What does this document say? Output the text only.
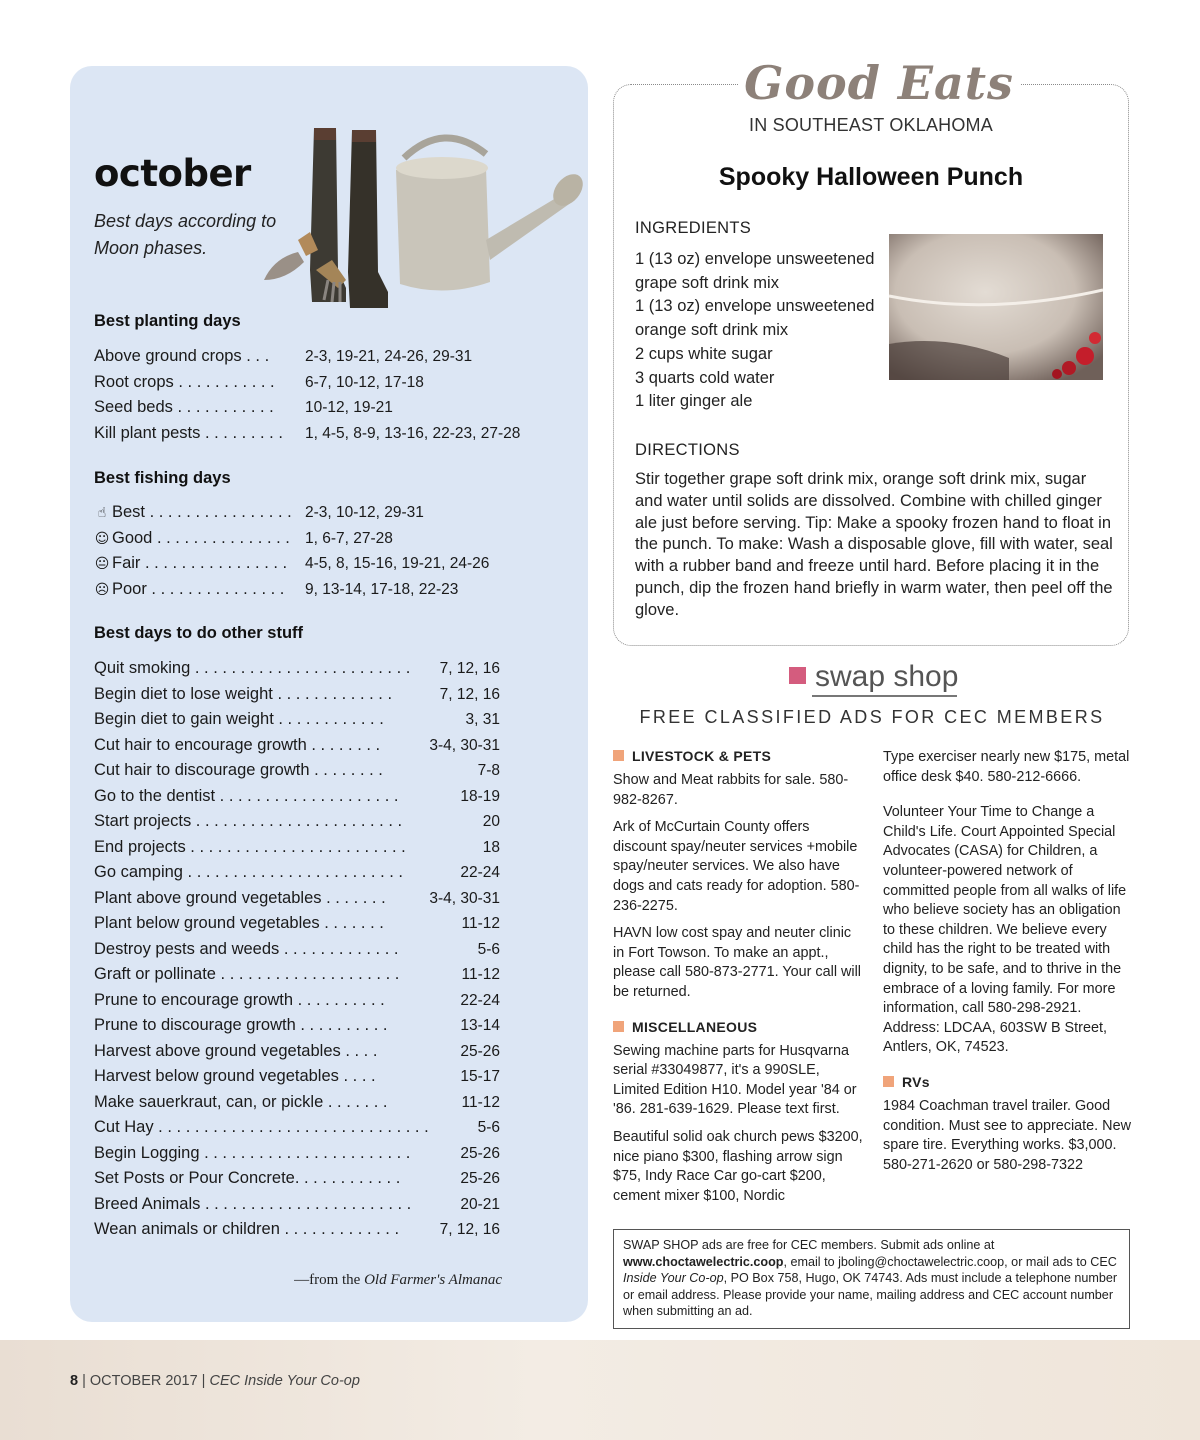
october
Best days according to Moon phases.
Best planting days
Above ground crops . . . 2-3, 19-21, 24-26, 29-31
Root crops . . . . . . . . . . . 6-7, 10-12, 17-18
Seed beds . . . . . . . . . . . 10-12, 19-21
Kill plant pests . . . . . . . . . 1, 4-5, 8-9, 13-16, 22-23, 27-28
Best fishing days
☝ Best . . . . . . . . . . . . . . . . 2-3, 10-12, 29-31
☺ Good . . . . . . . . . . . . . . . 1, 6-7, 27-28
😐 Fair . . . . . . . . . . . . . . . . 4-5, 8, 15-16, 19-21, 24-26
☹ Poor . . . . . . . . . . . . . . . 9, 13-14, 17-18, 22-23
Best days to do other stuff
Quit smoking . . . . . . . . . . . . . . . . . . . . . . . . 7, 12, 16
Begin diet to lose weight . . . . . . . . . . . . .	7, 12, 16
Begin diet to gain weight . . . . . . . . . . . .	3, 31
Cut hair to encourage growth . . . . . . . .	3-4, 30-31
Cut hair to discourage growth . . . . . . . .	7-8
Go to the dentist . . . . . . . . . . . . . . . . . . . .	18-19
Start projects . . . . . . . . . . . . . . . . . . . . . . .	20
End projects . . . . . . . . . . . . . . . . . . . . . . . .	18
Go camping . . . . . . . . . . . . . . . . . . . . . . . .	22-24
Plant above ground vegetables . . . . . . .	3-4, 30-31
Plant below ground vegetables . . . . . . .	11-12
Destroy pests and weeds . . . . . . . . . . . . .	5-6
Graft or pollinate . . . . . . . . . . . . . . . . . . . .	11-12
Prune to encourage growth . . . . . . . . . .	22-24
Prune to discourage growth . . . . . . . . . .	13-14
Harvest above ground vegetables . . . .	25-26
Harvest below ground vegetables . . . .	15-17
Make sauerkraut, can, or pickle . . . . . . .	11-12
Cut Hay . . . . . . . . . . . . . . . . . . . . . . . . . . . . . .	5-6
Begin Logging . . . . . . . . . . . . . . . . . . . . . . .	25-26
Set Posts or Pour Concrete. . . . . . . . . . . .	25-26
Breed Animals . . . . . . . . . . . . . . . . . . . . . . .	20-21
Wean animals or children . . . . . . . . . . . . .	7, 12, 16
—from the Old Farmer's Almanac
Good Eats
IN SOUTHEAST OKLAHOMA
Spooky Halloween Punch
INGREDIENTS
1 (13 oz) envelope unsweetened
grape soft drink mix
1 (13 oz) envelope unsweetened
orange soft drink mix
2 cups white sugar
3 quarts cold water
1 liter ginger ale
DIRECTIONS
Stir together grape soft drink mix, orange soft drink mix, sugar and water until solids are dissolved. Combine with chilled ginger ale just before serving. Tip: Make a spooky frozen hand to float in the punch. To make: Wash a disposable glove, fill with water, seal with a rubber band and freeze until hard. Before placing it in the punch, dip the frozen hand briefly in warm water, then peel off the glove.
swap shop
FREE CLASSIFIED ADS FOR CEC MEMBERS
LIVESTOCK & PETS
Show and Meat rabbits for sale. 580-982-8267.
Ark of McCurtain County offers discount spay/neuter services +mobile spay/neuter services. We also have dogs and cats ready for adoption. 580-236-2275.
HAVN low cost spay and neuter clinic in Fort Towson. To make an appt., please call 580-873-2771. Your call will be returned.
MISCELLANEOUS
Sewing machine parts for Husqvarna serial #33049877, it's a 990SLE, Limited Edition H10. Model year '84 or '86. 281-639-1629. Please text first.
Beautiful solid oak church pews $3200, nice piano $300, flashing arrow sign $75, Indy Race Car go-cart $200, cement mixer $100, Nordic
Type exerciser nearly new $175, metal office desk $40. 580-212-6666.
Volunteer Your Time to Change a Child's Life. Court Appointed Special Advocates (CASA) for Children, a volunteer-powered network of committed people from all walks of life who believe society has an obligation to these children. We believe every child has the right to be treated with dignity, to be safe, and to thrive in the embrace of a loving family. For more information, call 580-298-2921. Address: LDCAA, 603SW B Street, Antlers, OK, 74523.
RVs
1984 Coachman travel trailer. Good condition. Must see to appreciate. New spare tire. Everything works. $3,000. 580-271-2620 or 580-298-7322
SWAP SHOP ads are free for CEC members. Submit ads online at www.choctawelectric.coop, email to jboling@choctawelectric.coop, or mail ads to CEC Inside Your Co-op, PO Box 758, Hugo, OK 74743. Ads must include a telephone number or email address. Please provide your name, mailing address and CEC account number when submitting an ad.
8 | OCTOBER 2017 | CEC Inside Your Co-op
